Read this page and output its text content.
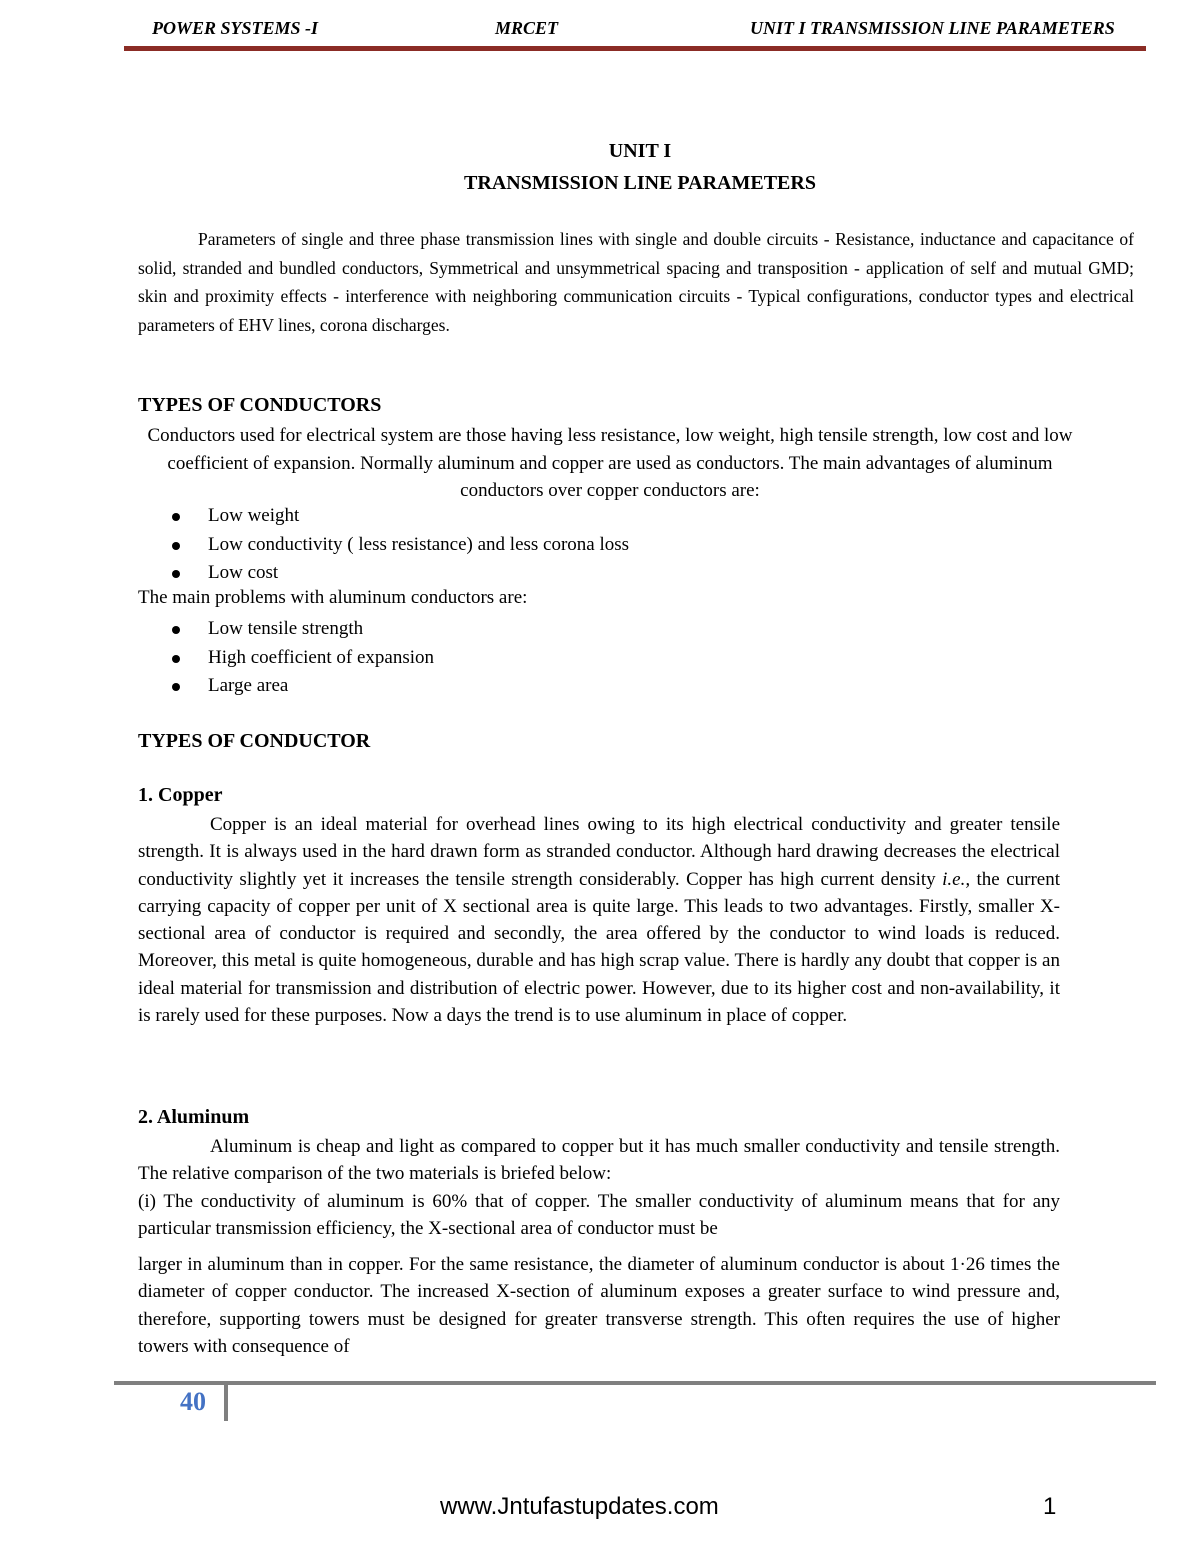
POWER SYSTEMS -I	MRCET	UNIT I TRANSMISSION LINE PARAMETERS
UNIT I
TRANSMISSION LINE PARAMETERS
Parameters of single and three phase transmission lines with single and double circuits - Resistance, inductance and capacitance of solid, stranded and bundled conductors, Symmetrical and unsymmetrical spacing and transposition - application of self and mutual GMD; skin and proximity effects - interference with neighboring communication circuits - Typical configurations, conductor types and electrical parameters of EHV lines, corona discharges.
TYPES OF CONDUCTORS
Conductors used for electrical system are those having less resistance, low weight, high tensile strength, low cost and low coefficient of expansion. Normally aluminum and copper are used as conductors. The main advantages of aluminum conductors over copper conductors are:
Low weight
Low conductivity ( less resistance) and less corona loss
Low cost
The main problems with aluminum conductors are:
Low tensile strength
High coefficient of expansion
Large area
TYPES OF CONDUCTOR
1. Copper
Copper is an ideal material for overhead lines owing to its high electrical conductivity and greater tensile strength. It is always used in the hard drawn form as stranded conductor. Although hard drawing decreases the electrical conductivity slightly yet it increases the tensile strength considerably. Copper has high current density i.e., the current carrying capacity of copper per unit of X sectional area is quite large. This leads to two advantages. Firstly, smaller X- sectional area of conductor is required and secondly, the area offered by the conductor to wind loads is reduced. Moreover, this metal is quite homogeneous, durable and has high scrap value. There is hardly any doubt that copper is an ideal material for transmission and distribution of electric power. However, due to its higher cost and non-availability, it is rarely used for these purposes. Now a days the trend is to use aluminum in place of copper.
2. Aluminum
Aluminum is cheap and light as compared to copper but it has much smaller conductivity and tensile strength. The relative comparison of the two materials is briefed below:
(i) The conductivity of aluminum is 60% that of copper. The smaller conductivity of aluminum means that for any particular transmission efficiency, the X-sectional area of conductor must be
larger in aluminum than in copper. For the same resistance, the diameter of aluminum conductor is about 1·26 times the diameter of copper conductor. The increased X-section of aluminum exposes a greater surface to wind pressure and, therefore, supporting towers must be designed for greater transverse strength. This often requires the use of higher towers with consequence of
40
www.Jntufastupdates.com	1
